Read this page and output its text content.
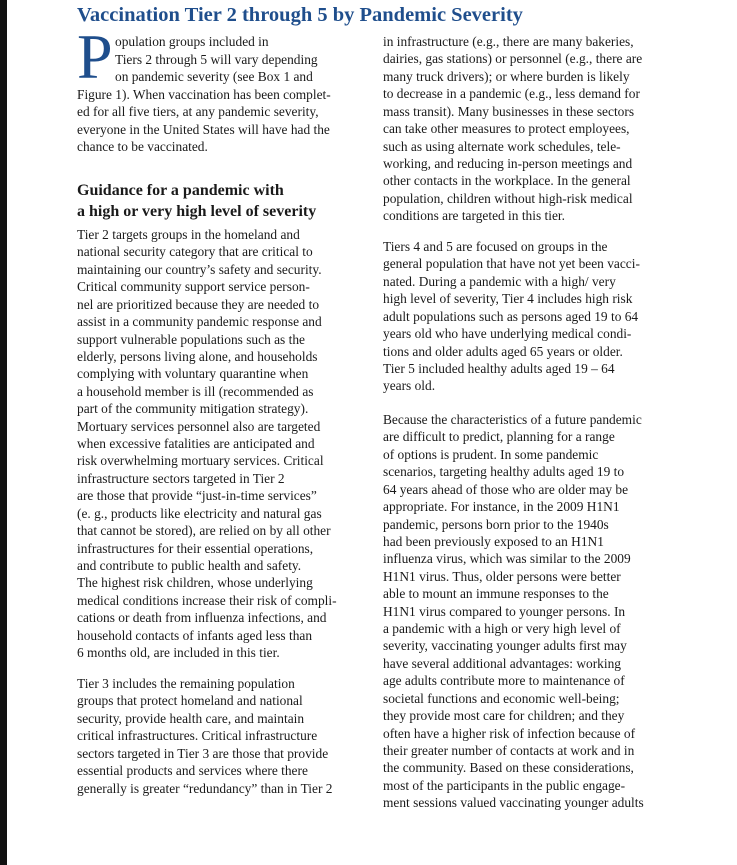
Vaccination Tier 2 through 5 by Pandemic Severity
P opulation groups included in
Tiers 2 through 5 will vary depending
on pandemic severity (see Box 1 and
Figure 1). When vaccination has been complet-
ed for all five tiers, at any pandemic severity,
everyone in the United States will have had the
chance to be vaccinated.
Guidance for a pandemic with
a high or very high level of severity
Tier 2 targets groups in the homeland and
national security category that are critical to
maintaining our country’s safety and security.
Critical community support service person-
nel are prioritized because they are needed to
assist in a community pandemic response and
support vulnerable populations such as the
elderly, persons living alone, and households
complying with voluntary quarantine when
a household member is ill (recommended as
part of the community mitigation strategy).
Mortuary services personnel also are targeted
when excessive fatalities are anticipated and
risk overwhelming mortuary services. Critical
infrastructure sectors targeted in Tier 2
are those that provide “just-in-time services”
(e. g., products like electricity and natural gas
that cannot be stored), are relied on by all other
infrastructures for their essential operations,
and contribute to public health and safety.
The highest risk children, whose underlying
medical conditions increase their risk of compli-
cations or death from influenza infections, and
household contacts of infants aged less than
6 months old, are included in this tier.
Tier 3 includes the remaining population
groups that protect homeland and national
security, provide health care, and maintain
critical infrastructures. Critical infrastructure
sectors targeted in Tier 3 are those that provide
essential products and services where there
generally is greater “redundancy” than in Tier 2
in infrastructure (e.g., there are many bakeries,
dairies, gas stations) or personnel (e.g., there are
many truck drivers); or where burden is likely
to decrease in a pandemic (e.g., less demand for
mass transit). Many businesses in these sectors
can take other measures to protect employees,
such as using alternate work schedules, tele-
working, and reducing in-person meetings and
other contacts in the workplace. In the general
population, children without high-risk medical
conditions are targeted in this tier.
Tiers 4 and 5 are focused on groups in the
general population that have not yet been vacci-
nated. During a pandemic with a high/ very
high level of severity, Tier 4 includes high risk
adult populations such as persons aged 19 to 64
years old who have underlying medical condi-
tions and older adults aged 65 years or older.
Tier 5 included healthy adults aged 19 – 64
years old.
Because the characteristics of a future pandemic
are difficult to predict, planning for a range
of options is prudent. In some pandemic
scenarios, targeting healthy adults aged 19 to
64 years ahead of those who are older may be
appropriate. For instance, in the 2009 H1N1
pandemic, persons born prior to the 1940s
had been previously exposed to an H1N1
influenza virus, which was similar to the 2009
H1N1 virus. Thus, older persons were better
able to mount an immune responses to the
H1N1 virus compared to younger persons. In
a pandemic with a high or very high level of
severity, vaccinating younger adults first may
have several additional advantages: working
age adults contribute more to maintenance of
societal functions and economic well-being;
they provide most care for children; and they
often have a higher risk of infection because of
their greater number of contacts at work and in
the community. Based on these considerations,
most of the participants in the public engage-
ment sessions valued vaccinating younger adults
